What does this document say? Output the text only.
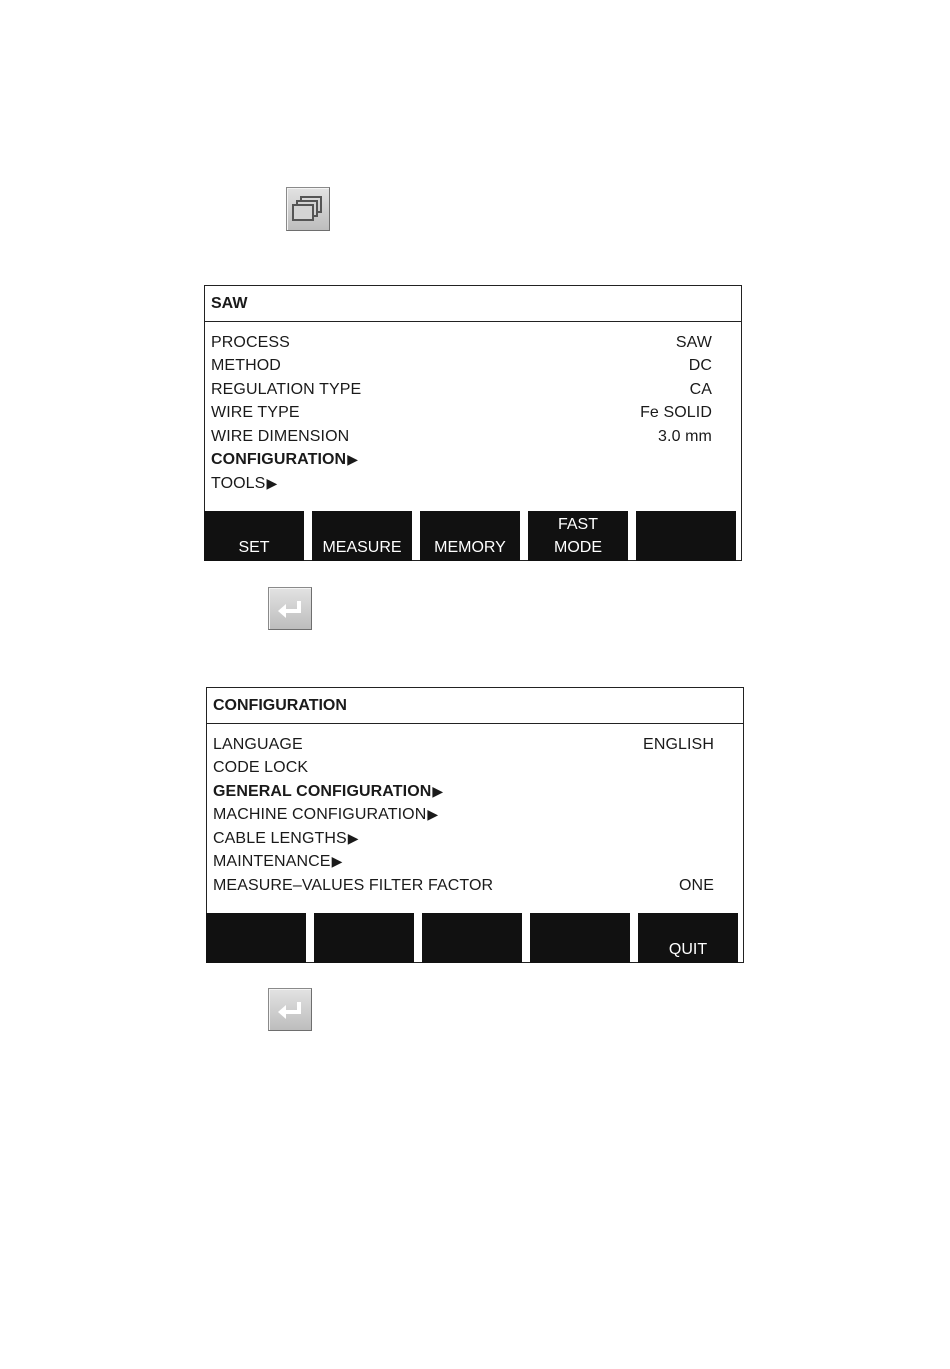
SAW
PROCESS	SAW
METHOD	DC
REGULATION TYPE	CA
WIRE TYPE	Fe SOLID
WIRE DIMENSION	3.0 mm
CONFIGURATION▶
TOOLS▶
SET	MEASURE	MEMORY
FAST
MODE
CONFIGURATION
LANGUAGE	ENGLISH
CODE LOCK
GENERAL CONFIGURATION▶
MACHINE CONFIGURATION▶
CABLE LENGTHS▶
MAINTENANCE▶
MEASURE–VALUES FILTER FACTOR	ONE
QUIT
